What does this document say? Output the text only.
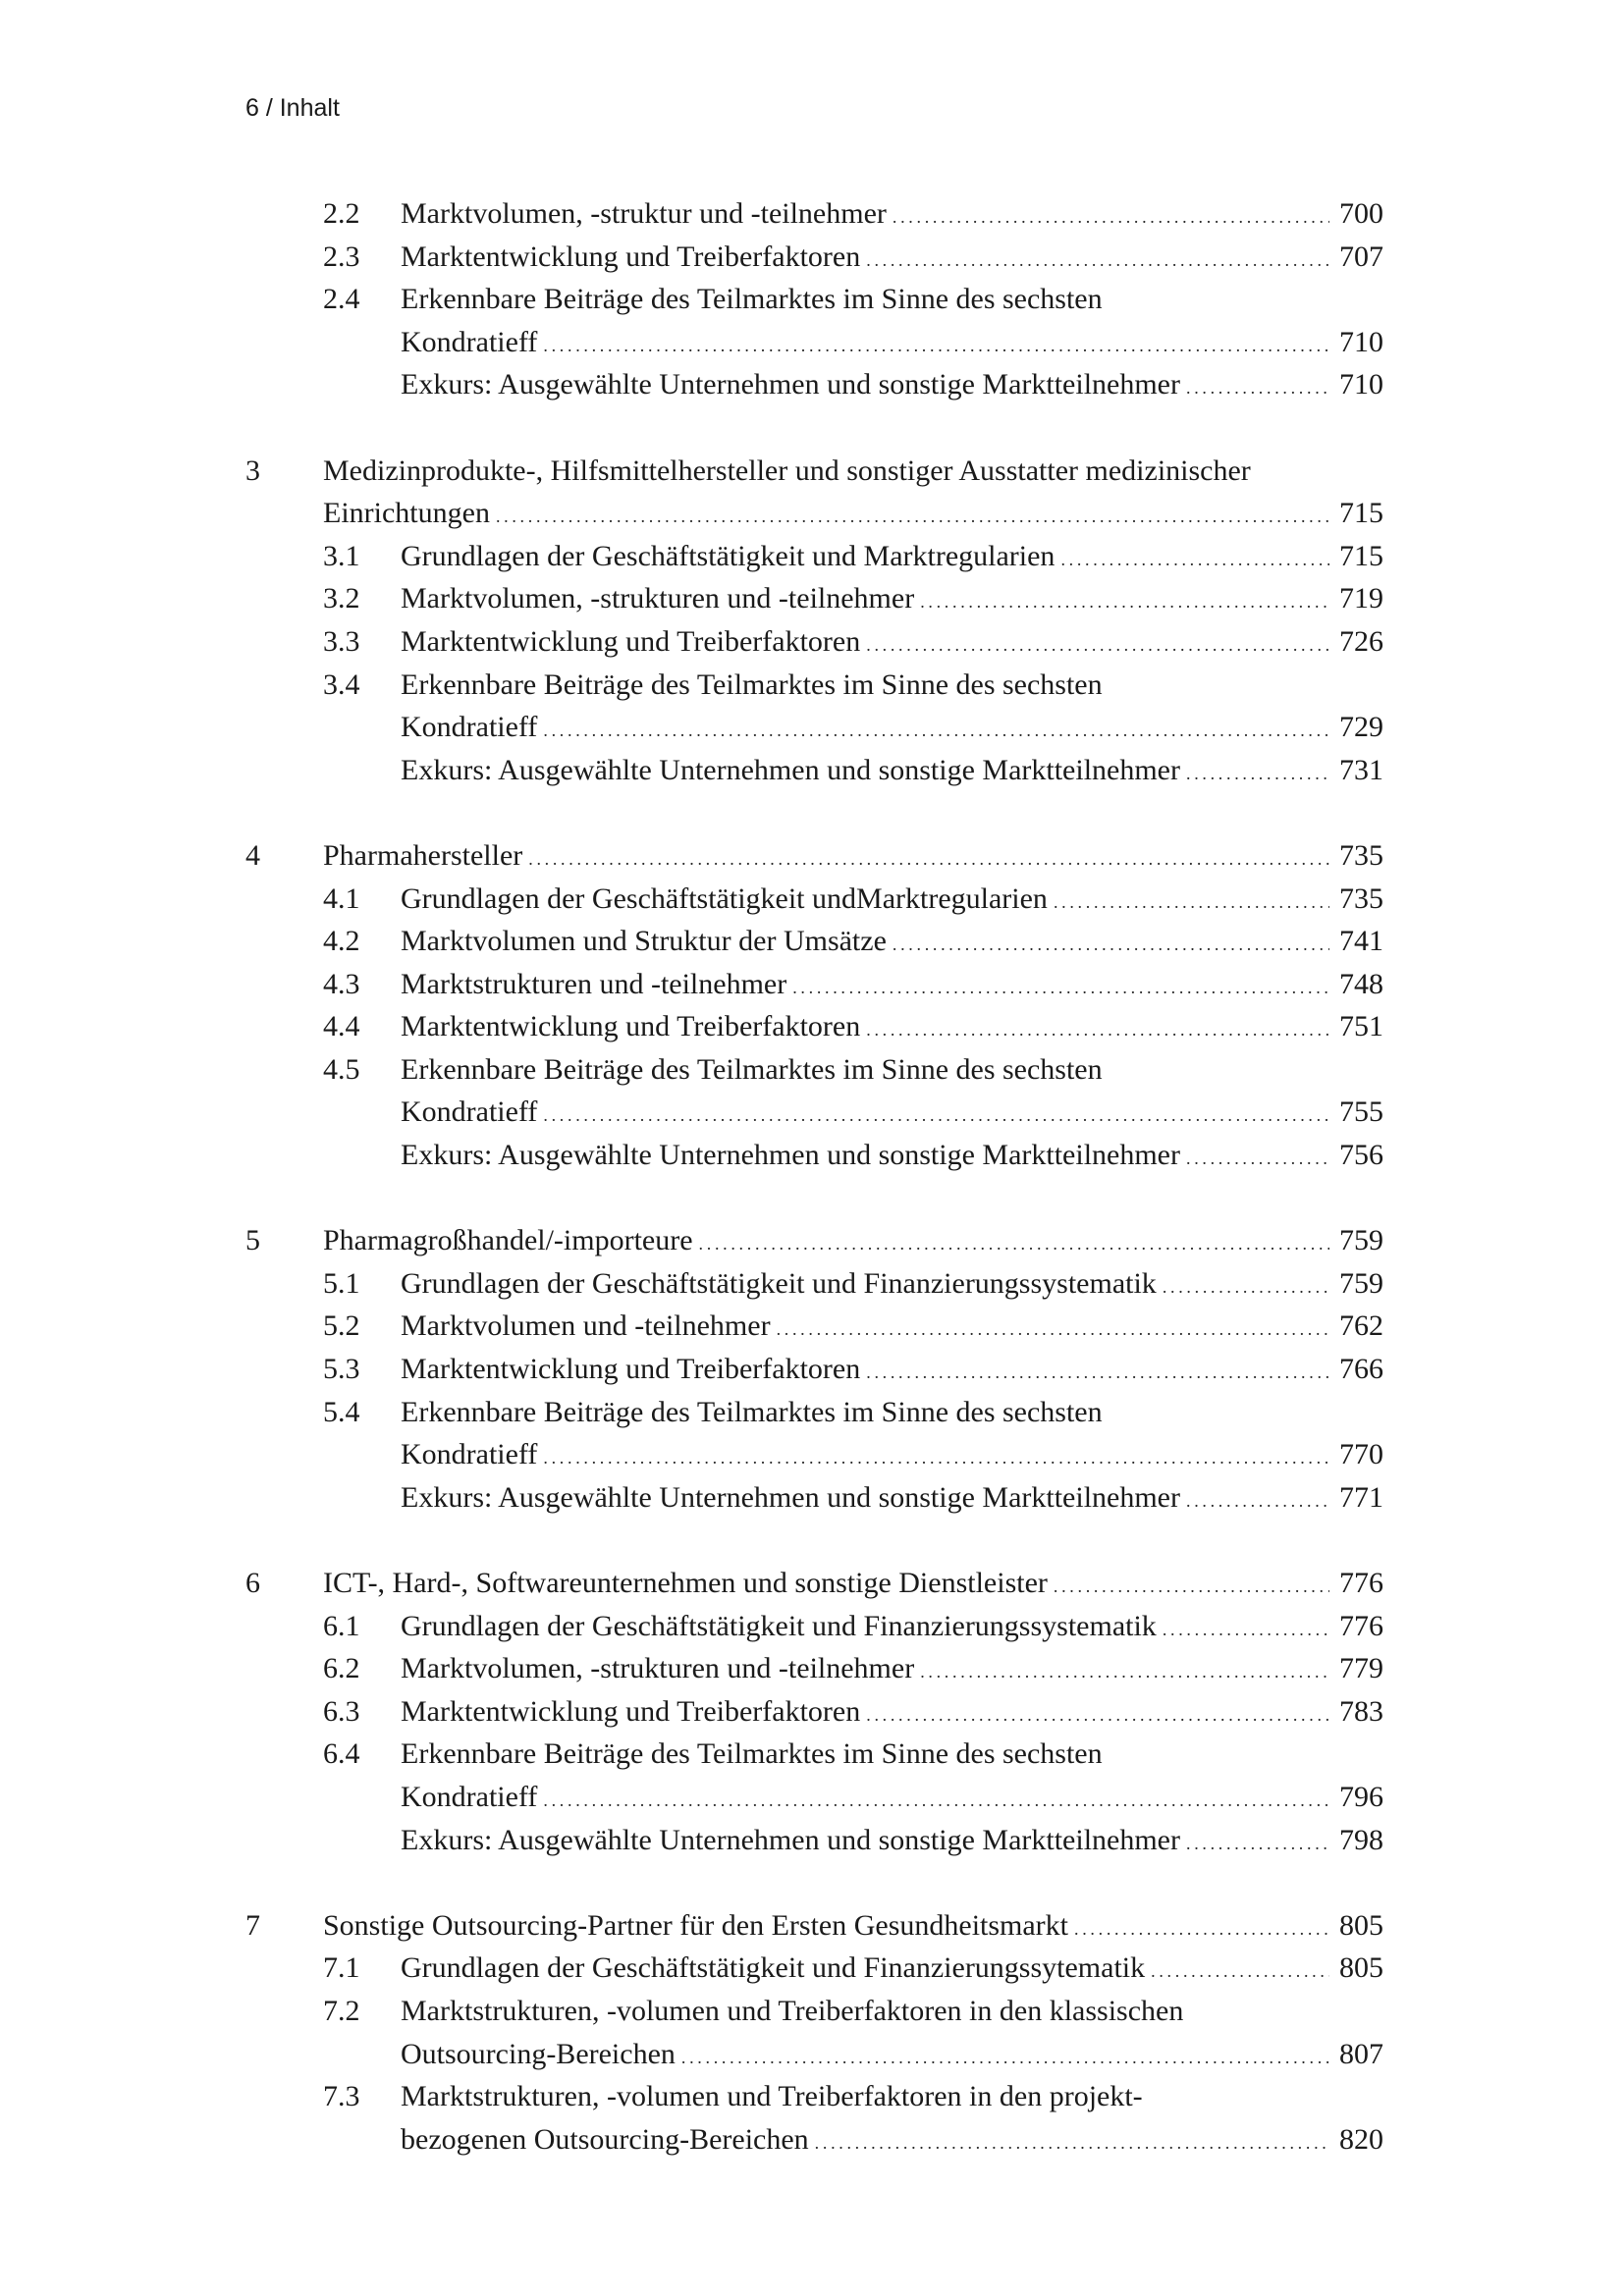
6 / Inhalt
2.2 Marktvolumen, -struktur und -teilnehmer . . .	700
2.3 Marktentwicklung und Treiberfaktoren . . .	707
2.4 Erkennbare Beiträge des Teilmarktes im Sinne des sechsten
Kondratieff . . .	710
Exkurs: Ausgewählte Unternehmen und sonstige Marktteilnehmer . . .	710
3 Medizinprodukte-, Hilfsmittelhersteller und sonstiger Ausstatter medizinischer
Einrichtungen . . .	715
3.1 Grundlagen der Geschäftstätigkeit und Marktregularien . . .	715
3.2 Marktvolumen, -strukturen und -teilnehmer . . .	719
3.3 Marktentwicklung und Treiberfaktoren . . .	726
3.4 Erkennbare Beiträge des Teilmarktes im Sinne des sechsten
Kondratieff . . .	729
Exkurs: Ausgewählte Unternehmen und sonstige Marktteilnehmer . . .	731
4 Pharmahersteller . . .	735
4.1 Grundlagen der Geschäftstätigkeit undMarktregularien . . .	735
4.2 Marktvolumen und Struktur der Umsätze . . .	741
4.3 Marktstrukturen und -teilnehmer . . .	748
4.4 Marktentwicklung und Treiberfaktoren . . .	751
4.5 Erkennbare Beiträge des Teilmarktes im Sinne des sechsten
Kondratieff . . .	755
Exkurs: Ausgewählte Unternehmen und sonstige Marktteilnehmer . . .	756
5 Pharmagroßhandel/-importeure . . .	759
5.1 Grundlagen der Geschäftstätigkeit und Finanzierungssystematik . . .	759
5.2 Marktvolumen und -teilnehmer . . .	762
5.3 Marktentwicklung und Treiberfaktoren . . .	766
5.4 Erkennbare Beiträge des Teilmarktes im Sinne des sechsten
Kondratieff . . .	770
Exkurs: Ausgewählte Unternehmen und sonstige Marktteilnehmer . . .	771
6 ICT-, Hard-, Softwareunternehmen und sonstige Dienstleister . . .	776
6.1 Grundlagen der Geschäftstätigkeit und Finanzierungssystematik . . .	776
6.2 Marktvolumen, -strukturen und -teilnehmer . . .	779
6.3 Marktentwicklung und Treiberfaktoren . . .	783
6.4 Erkennbare Beiträge des Teilmarktes im Sinne des sechsten
Kondratieff . . .	796
Exkurs: Ausgewählte Unternehmen und sonstige Marktteilnehmer . . .	798
7 Sonstige Outsourcing-Partner für den Ersten Gesundheitsmarkt . . .	805
7.1 Grundlagen der Geschäftstätigkeit und Finanzierungssytematik . . .	805
7.2 Marktstrukturen, -volumen und Treiberfaktoren in den klassischen
Outsourcing-Bereichen . . .	807
7.3 Marktstrukturen, -volumen und Treiberfaktoren in den projekt-
bezogenen Outsourcing-Bereichen . . .	820
